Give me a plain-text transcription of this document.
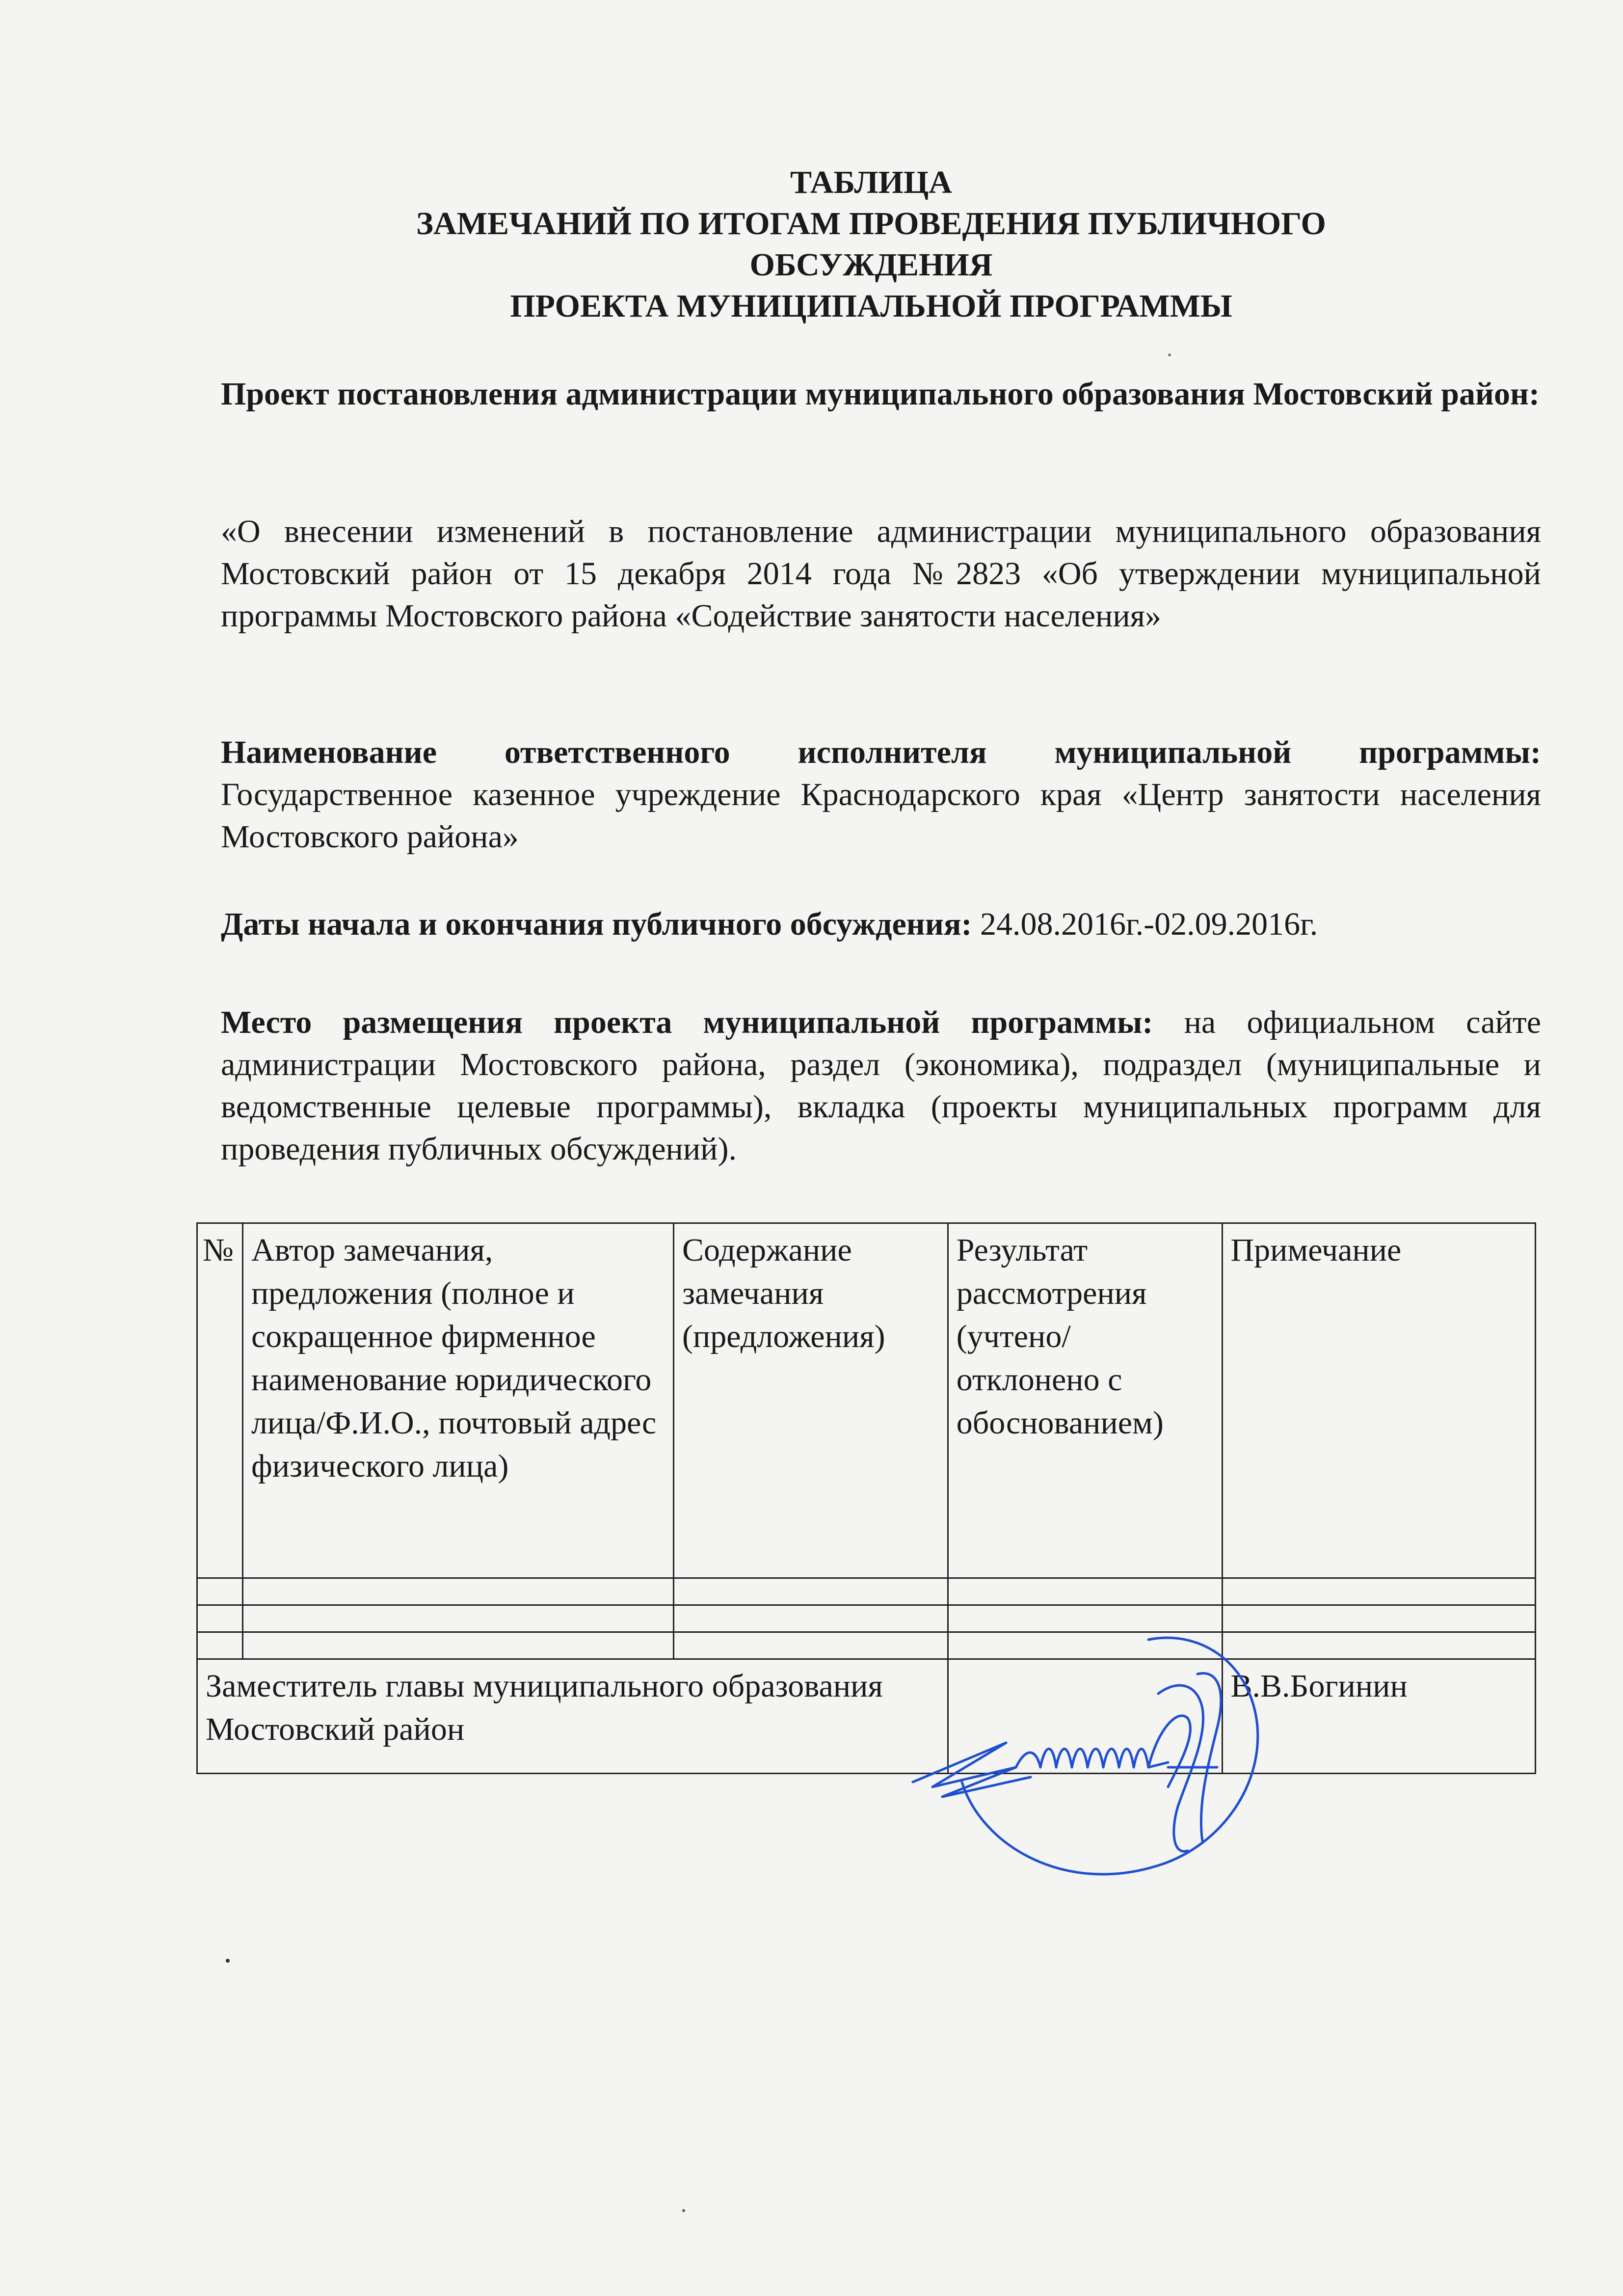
ТАБЛИЦА
ЗАМЕЧАНИЙ ПО ИТОГАМ ПРОВЕДЕНИЯ ПУБЛИЧНОГО
ОБСУЖДЕНИЯ
ПРОЕКТА МУНИЦИПАЛЬНОЙ ПРОГРАММЫ
Проект постановления администрации муниципального образования Мостовский район:
«О внесении изменений в постановление администрации муниципального образования Мостовский район от 15 декабря 2014 года №2823 «Об утверждении муниципальной программы Мостовского района «Содействие занятости населения»
Наименование ответственного исполнителя муниципальной программы: Государственное казенное учреждение Краснодарского края «Центр занятости населения Мостовского района»
Даты начала и окончания публичного обсуждения: 24.08.2016г.-02.09.2016г.
Место размещения проекта муниципальной программы: на официальном сайте администрации Мостовского района, раздел (экономика), подраздел (муниципальные и ведомственные целевые программы), вкладка (проекты муниципальных программ для проведения публичных обсуждений).
№	Автор замечания, предложения (полное и сокращенное фирменное наименование юридического лица/Ф.И.О., почтовый адрес физического лица)	Содержание замечания (предложения)	Результат рассмотрения (учтено/ отклонено с обоснованием)	Примечание

Заместитель главы муниципального образования Мостовский район				В.В.Богинин
